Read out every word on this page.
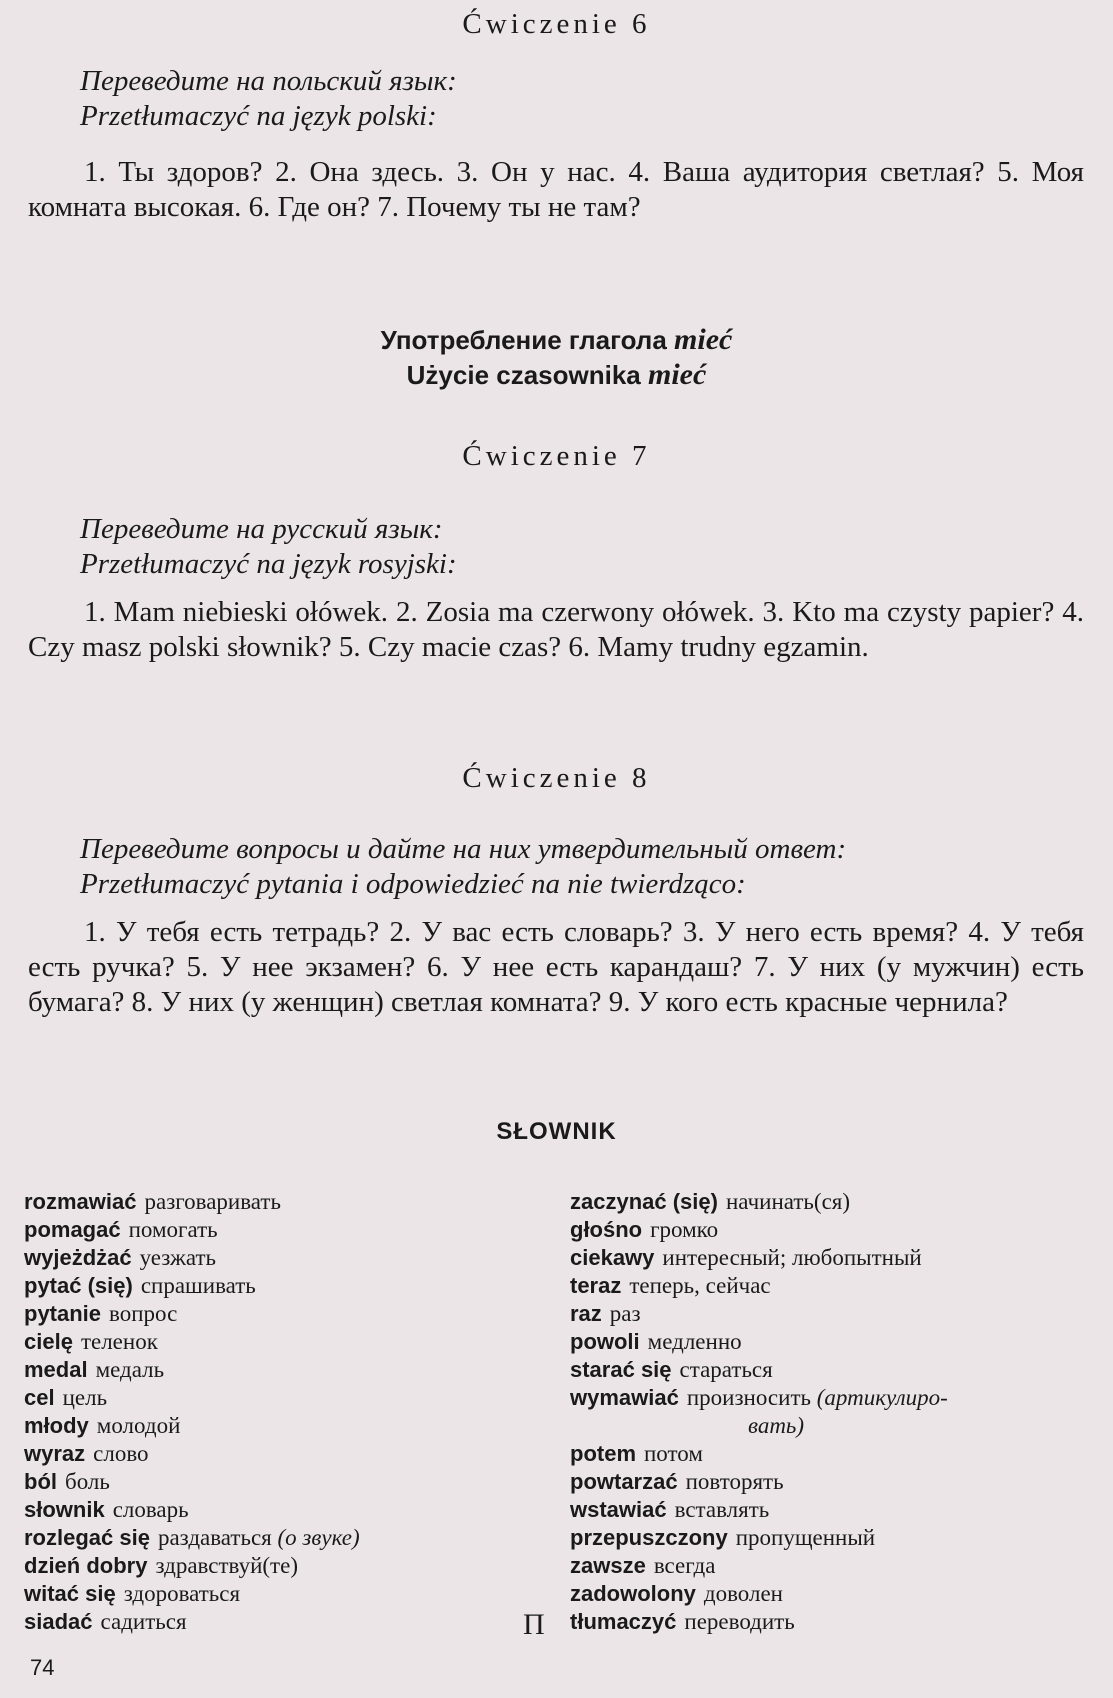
Ćwiczenie 6
Переведите на польский язык:
Przetłumaczyć na język polski:
1. Ты здоров? 2. Она здесь. 3. Он у нас. 4. Ваша аудитория светлая? 5. Моя комната высокая. 6. Где он? 7. Почему ты не там?
Употребление глагола mieć
Użycie czasownika mieć
Ćwiczenie 7
Переведите на русский язык:
Przetłumaczyć na język rosyjski:
1. Mam niebieski ołówek. 2. Zosia ma czerwony ołówek. 3. Kto ma czysty papier? 4. Czy masz polski słownik? 5. Czy macie czas? 6. Mamy trudny egzamin.
Ćwiczenie 8
Переведите вопросы и дайте на них утвердительный ответ:
Przetłumaczyć pytania i odpowiedzieć na nie twierdząco:
1. У тебя есть тетрадь? 2. У вас есть словарь? 3. У него есть время? 4. У тебя есть ручка? 5. У нее экзамен? 6. У нее есть карандаш? 7. У них (у мужчин) есть бумага? 8. У них (у женщин) светлая комната? 9. У кого есть красные чернила?
SŁOWNIK
rozmawiać разговаривать
pomagać помогать
wyjeżdżać уезжать
pytać (się) спрашивать
pytanie вопрос
cielę теленок
medal медаль
cel цель
młody молодой
wyraz слово
ból боль
słownik словарь
rozlegać się раздаваться (о звуке)
dzień dobry здравствуй(те)
witać się здороваться
siadać садиться
zaczynać (się) начинать(ся)
głośno громко
ciekawy интересный; любопытный
teraz теперь, сейчас
raz раз
powoli медленно
starać się стараться
wymawiać произносить (артикулиро-
вать)
potem потом
powtarzać повторять
wstawiać вставлять
przepuszczony пропущенный
zawsze всегда
zadowolony доволен
tłumaczyć переводить
Π
74
